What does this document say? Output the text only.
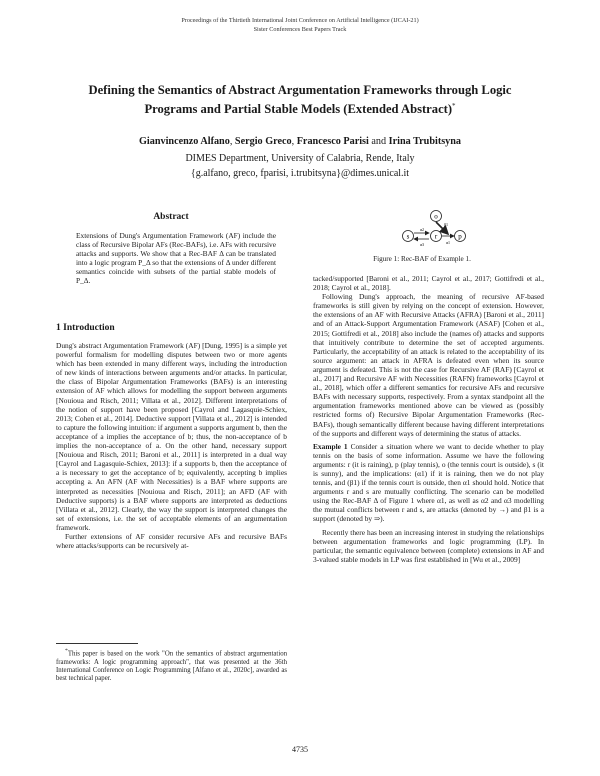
Proceedings of the Thirtieth International Joint Conference on Artificial Intelligence (IJCAI-21)
Sister Conferences Best Papers Track
Defining the Semantics of Abstract Argumentation Frameworks through Logic
Programs and Partial Stable Models (Extended Abstract)*
Gianvincenzo Alfano, Sergio Greco, Francesco Parisi and Irina Trubitsyna
DIMES Department, University of Calabria, Rende, Italy
{g.alfano, greco, fparisi, i.trubitsyna}@dimes.unical.it
Abstract

Extensions of Dung's Argumentation Framework (AF) include the class of Recursive Bipolar AFs (Rec-BAFs), i.e. AFs with recursive attacks and supports. We show that a Rec-BAF Δ can be translated into a logic program P_Δ so that the extensions of Δ under different semantics coincide with subsets of the partial stable models of P_Δ.

1 Introduction

Dung's abstract Argumentation Framework (AF) [Dung, 1995] is a simple yet powerful formalism for modelling disputes between two or more agents which has been extended in many different ways, including the introduction of new kinds of interactions between arguments and/or attacks. In particular, the class of Bipolar Argumentation Frameworks (BAFs) is an interesting extension of AF which allows for modelling the support between arguments [Nouioua and Risch, 2011; Villata et al., 2012]. Different interpretations of the notion of support have been proposed [Cayrol and Lagasquie-Schiex, 2013; Cohen et al., 2014]. Deductive support [Villata et al., 2012] is intended to capture the following intuition: if argument a supports argument b, then the acceptance of a implies the acceptance of b; thus, the non-acceptance of b implies the non-acceptance of a. On the other hand, necessary support [Nouioua and Risch, 2011; Baroni et al., 2011] is interpreted in a dual way [Cayrol and Lagasquie-Schiex, 2013]: if a supports b, then the acceptance of a is necessary to get the acceptance of b; equivalently, accepting b implies accepting a. An AFN (AF with Necessities) is a BAF where supports are interpreted as necessities [Nouioua and Risch, 2011]; an AFD (AF with Deductive supports) is a BAF where supports are interpreted as deductions [Villata et al., 2012]. Clearly, the way the support is interpreted changes the set of extensions, i.e. the set of acceptable elements of an argumentation framework.

Further extensions of AF consider recursive AFs and recursive BAFs where attacks/supports can be recursively at-

*This paper is based on the work "On the semantics of abstract argumentation frameworks: A logic programming approach", that was presented at the 36th International Conference on Logic Programming [Alfano et al., 2020c], awarded as best technical paper.

o
s	r	p
α1
α2
α3
β1
Figure 1: Rec-BAF of Example 1.

tacked/supported [Baroni et al., 2011; Cayrol et al., 2017; Gottifredi et al., 2018; Cayrol et al., 2018].

Following Dung's approach, the meaning of recursive AF-based frameworks is still given by relying on the concept of extension. However, the extensions of an AF with Recursive Attacks (AFRA) [Baroni et al., 2011] and of an Attack-Support Argumentation Framework (ASAF) [Cohen et al., 2015; Gottifredi et al., 2018] also include the (names of) attacks and supports that intuitively contribute to determine the set of accepted arguments. Particularly, the acceptability of an attack is related to the acceptability of its source argument: an attack in AFRA is defeated even when its source argument is defeated. This is not the case for Recursive AF (RAF) [Cayrol et al., 2017] and Recursive AF with Necessities (RAFN) frameworks [Cayrol et al., 2018], which offer a different semantics for recursive AFs and recursive BAFs with necessary supports, respectively. From a syntax standpoint all the argumentation frameworks mentioned above can be viewed as (possibly restricted forms of) Recursive Bipolar Argumentation Frameworks (Rec-BAFs), though semantically different because having different interpretations of the supports and different ways of determining the status of attacks.

Example 1 Consider a situation where we want to decide whether to play tennis on the basis of some information. Assume we have the following arguments: r (it is raining), p (play tennis), o (the tennis court is outside), s (it is sunny), and the implications: (α1) if it is raining, then we do not play tennis, and (β1) if the tennis court is outside, then α1 should hold. Notice that arguments r and s are mutually conflicting. The scenario can be modelled using the Rec-BAF Δ of Figure 1 where α1, as well as α2 and α3 modelling the mutual conflicts between r and s, are attacks (denoted by →) and β1 is a support (denoted by ⇒).

Recently there has been an increasing interest in studying the relationships between argumentation frameworks and logic programming (LP). In particular, the semantic equivalence between (complete) extensions in AF and 3-valued stable models in LP was first established in [Wu et al., 2009]

4735
